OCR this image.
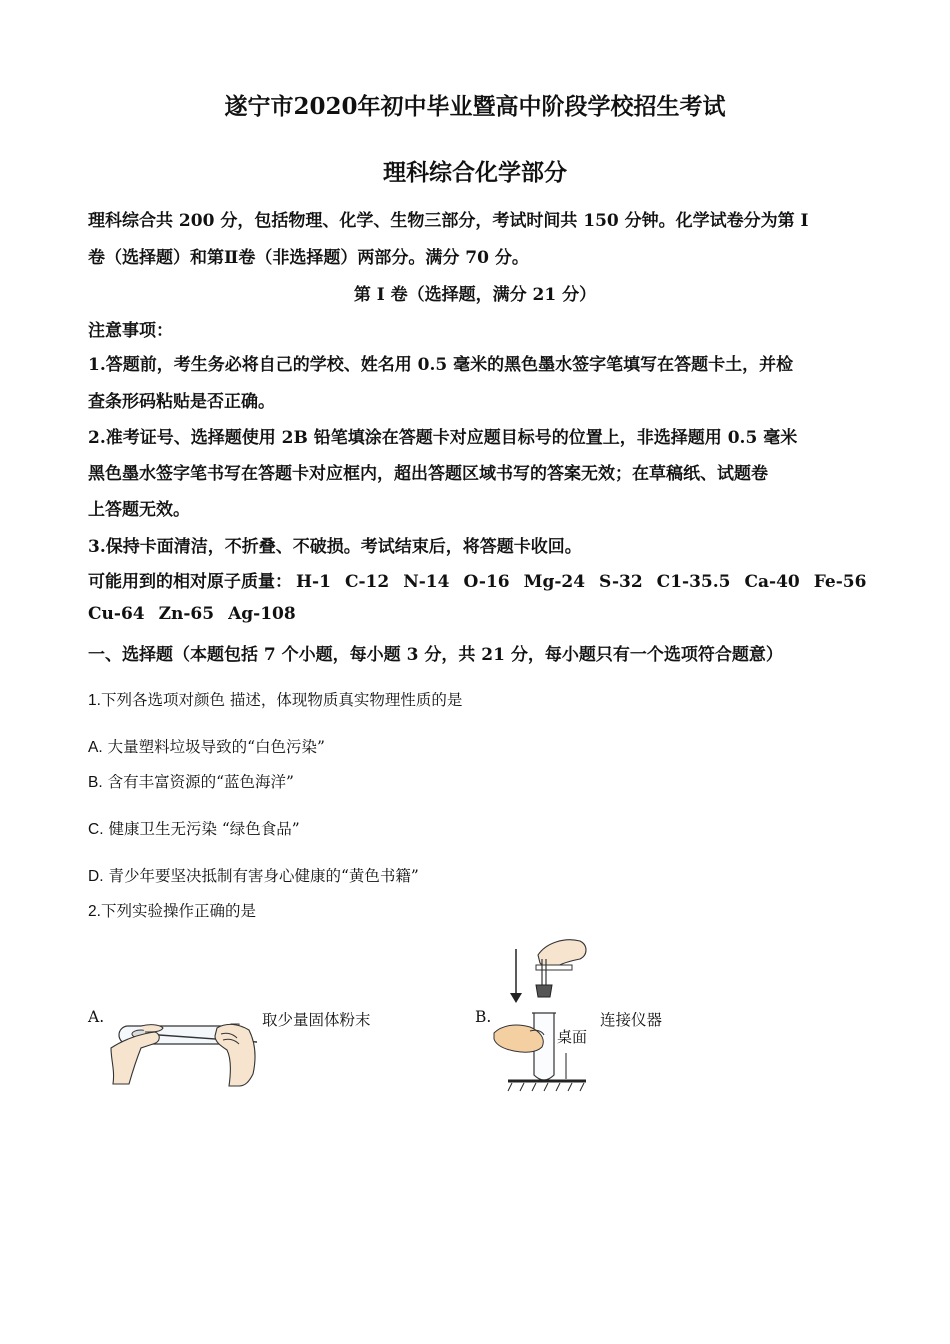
遂宁市2020年初中毕业暨高中阶段学校招生考试
理科综合化学部分
理科综合共 200 分，包括物理、化学、生物三部分，考试时间共 150 分钟。化学试卷分为第 I
卷（选择题）和第Ⅱ卷（非选择题）两部分。满分 70 分。
第 I 卷（选择题，满分 21 分）
注意事项：
1.答题前，考生务必将自己的学校、姓名用 0.5 毫米的黑色墨水签字笔填写在答题卡土，并检
查条形码粘贴是否正确。
2.准考证号、选择题使用 2B 铅笔填涂在答题卡对应题目标号的位置上，非选择题用 0.5 毫米
黑色墨水签字笔书写在答题卡对应框内，超出答题区域书写的答案无效；在草稿纸、试题卷
上答题无效。
3.保持卡面清洁，不折叠、不破损。考试结束后，将答题卡收回。
可能用到的相对原子质量： H-1 C-12 N-14 O-16 Mg-24 S-32 C1-35.5 Ca-40 Fe-56
Cu-64 Zn-65 Ag-108
一、选择题（本题包括 7 个小题，每小题 3 分，共 21 分，每小题只有一个选项符合题意）
1.下列各选项对颜色 描述，体现物质真实物理性质的是
A. 大量塑料垃圾导致的“白色污染”
B. 含有丰富资源的“蓝色海洋”
C. 健康卫生无污染 “绿色食品”
D. 青少年要坚决抵制有害身心健康的“黄色书籍”
2.下列实验操作正确的是
A.	取少量固体粉末	B.	连接仪器
桌面
